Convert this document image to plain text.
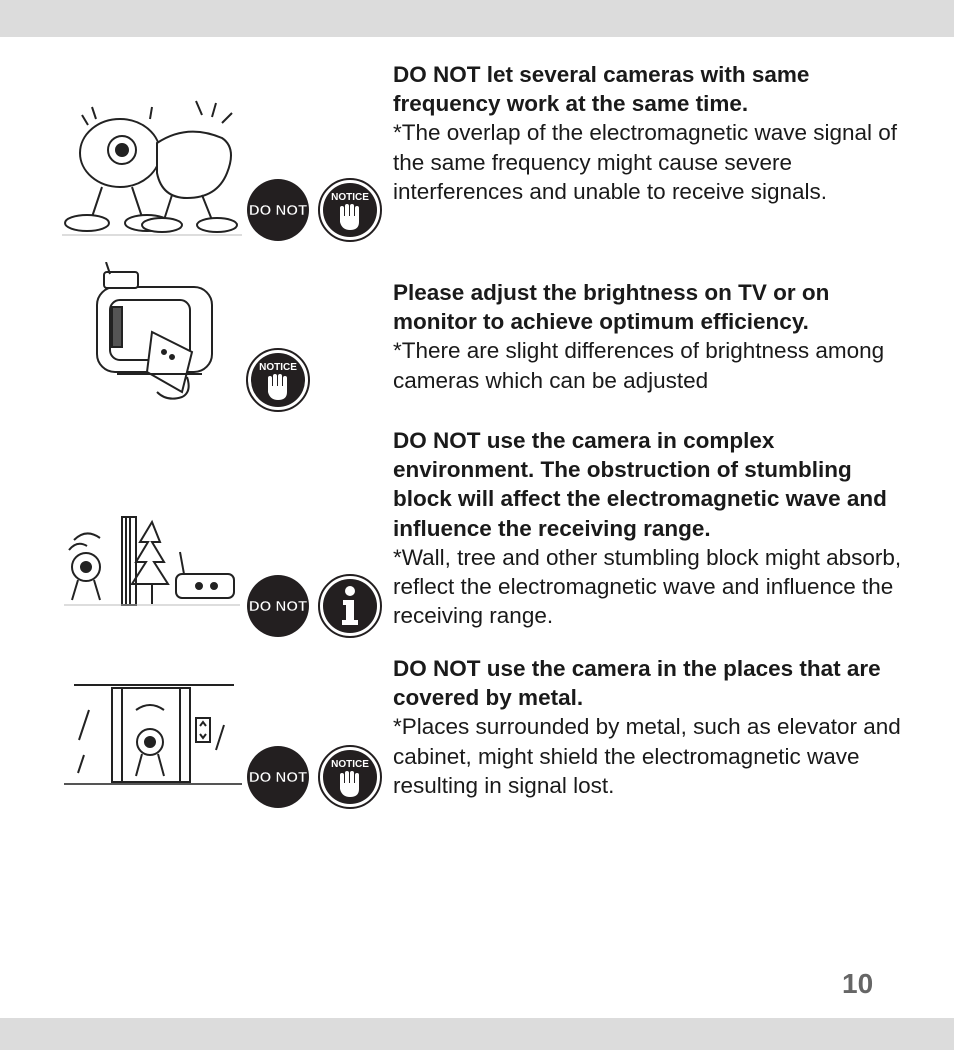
DO NOT
NOTICE
DO NOT let several cameras with same frequency work at the same time.
*The overlap of the electromagnetic wave signal of the same frequency might cause severe interferences and unable to receive signals.
NOTICE
Please adjust the brightness on TV or on monitor to achieve optimum efficiency.
*There are slight differences of brightness among cameras which can be adjusted
DO NOT
DO NOT use the camera in complex environment. The obstruction of stumbling block will affect the electromagnetic wave and influence the receiving range.
*Wall, tree and other stumbling block might absorb, reflect the electromagnetic wave and influence the receiving range.
DO NOT
NOTICE
DO NOT use the camera in the places that are covered by metal.
*Places surrounded by metal, such as elevator and cabinet, might shield the electromagnetic wave resulting in signal lost.
10
